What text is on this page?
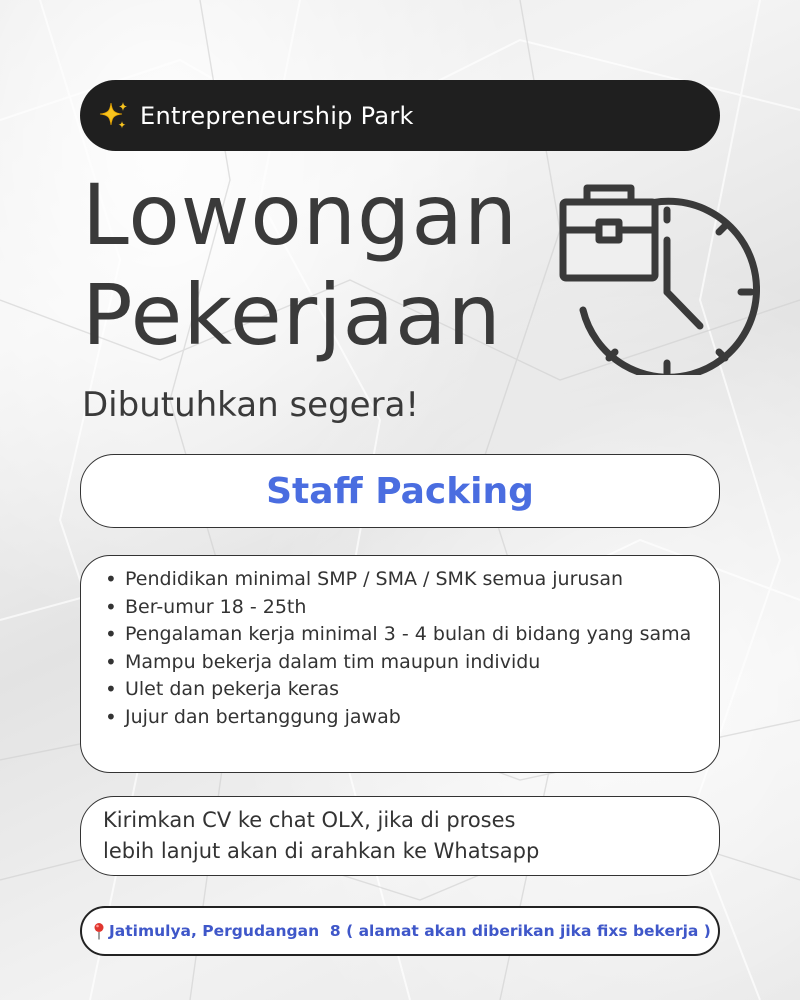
Entrepreneurship Park
Lowongan
Pekerjaan
Dibutuhkan segera!
Staff Packing
• Pendidikan minimal SMP / SMA / SMK semua jurusan
• Ber-umur 18 - 25th
• Pengalaman kerja minimal 3 - 4 bulan di bidang yang sama
• Mampu bekerja dalam tim maupun individu
• Ulet dan pekerja keras
• Jujur dan bertanggung jawab
Kirimkan CV ke chat OLX, jika di proses
lebih lanjut akan di arahkan ke Whatsapp
Jatimulya, Pergudangan  8 ( alamat akan diberikan jika fixs bekerja )
